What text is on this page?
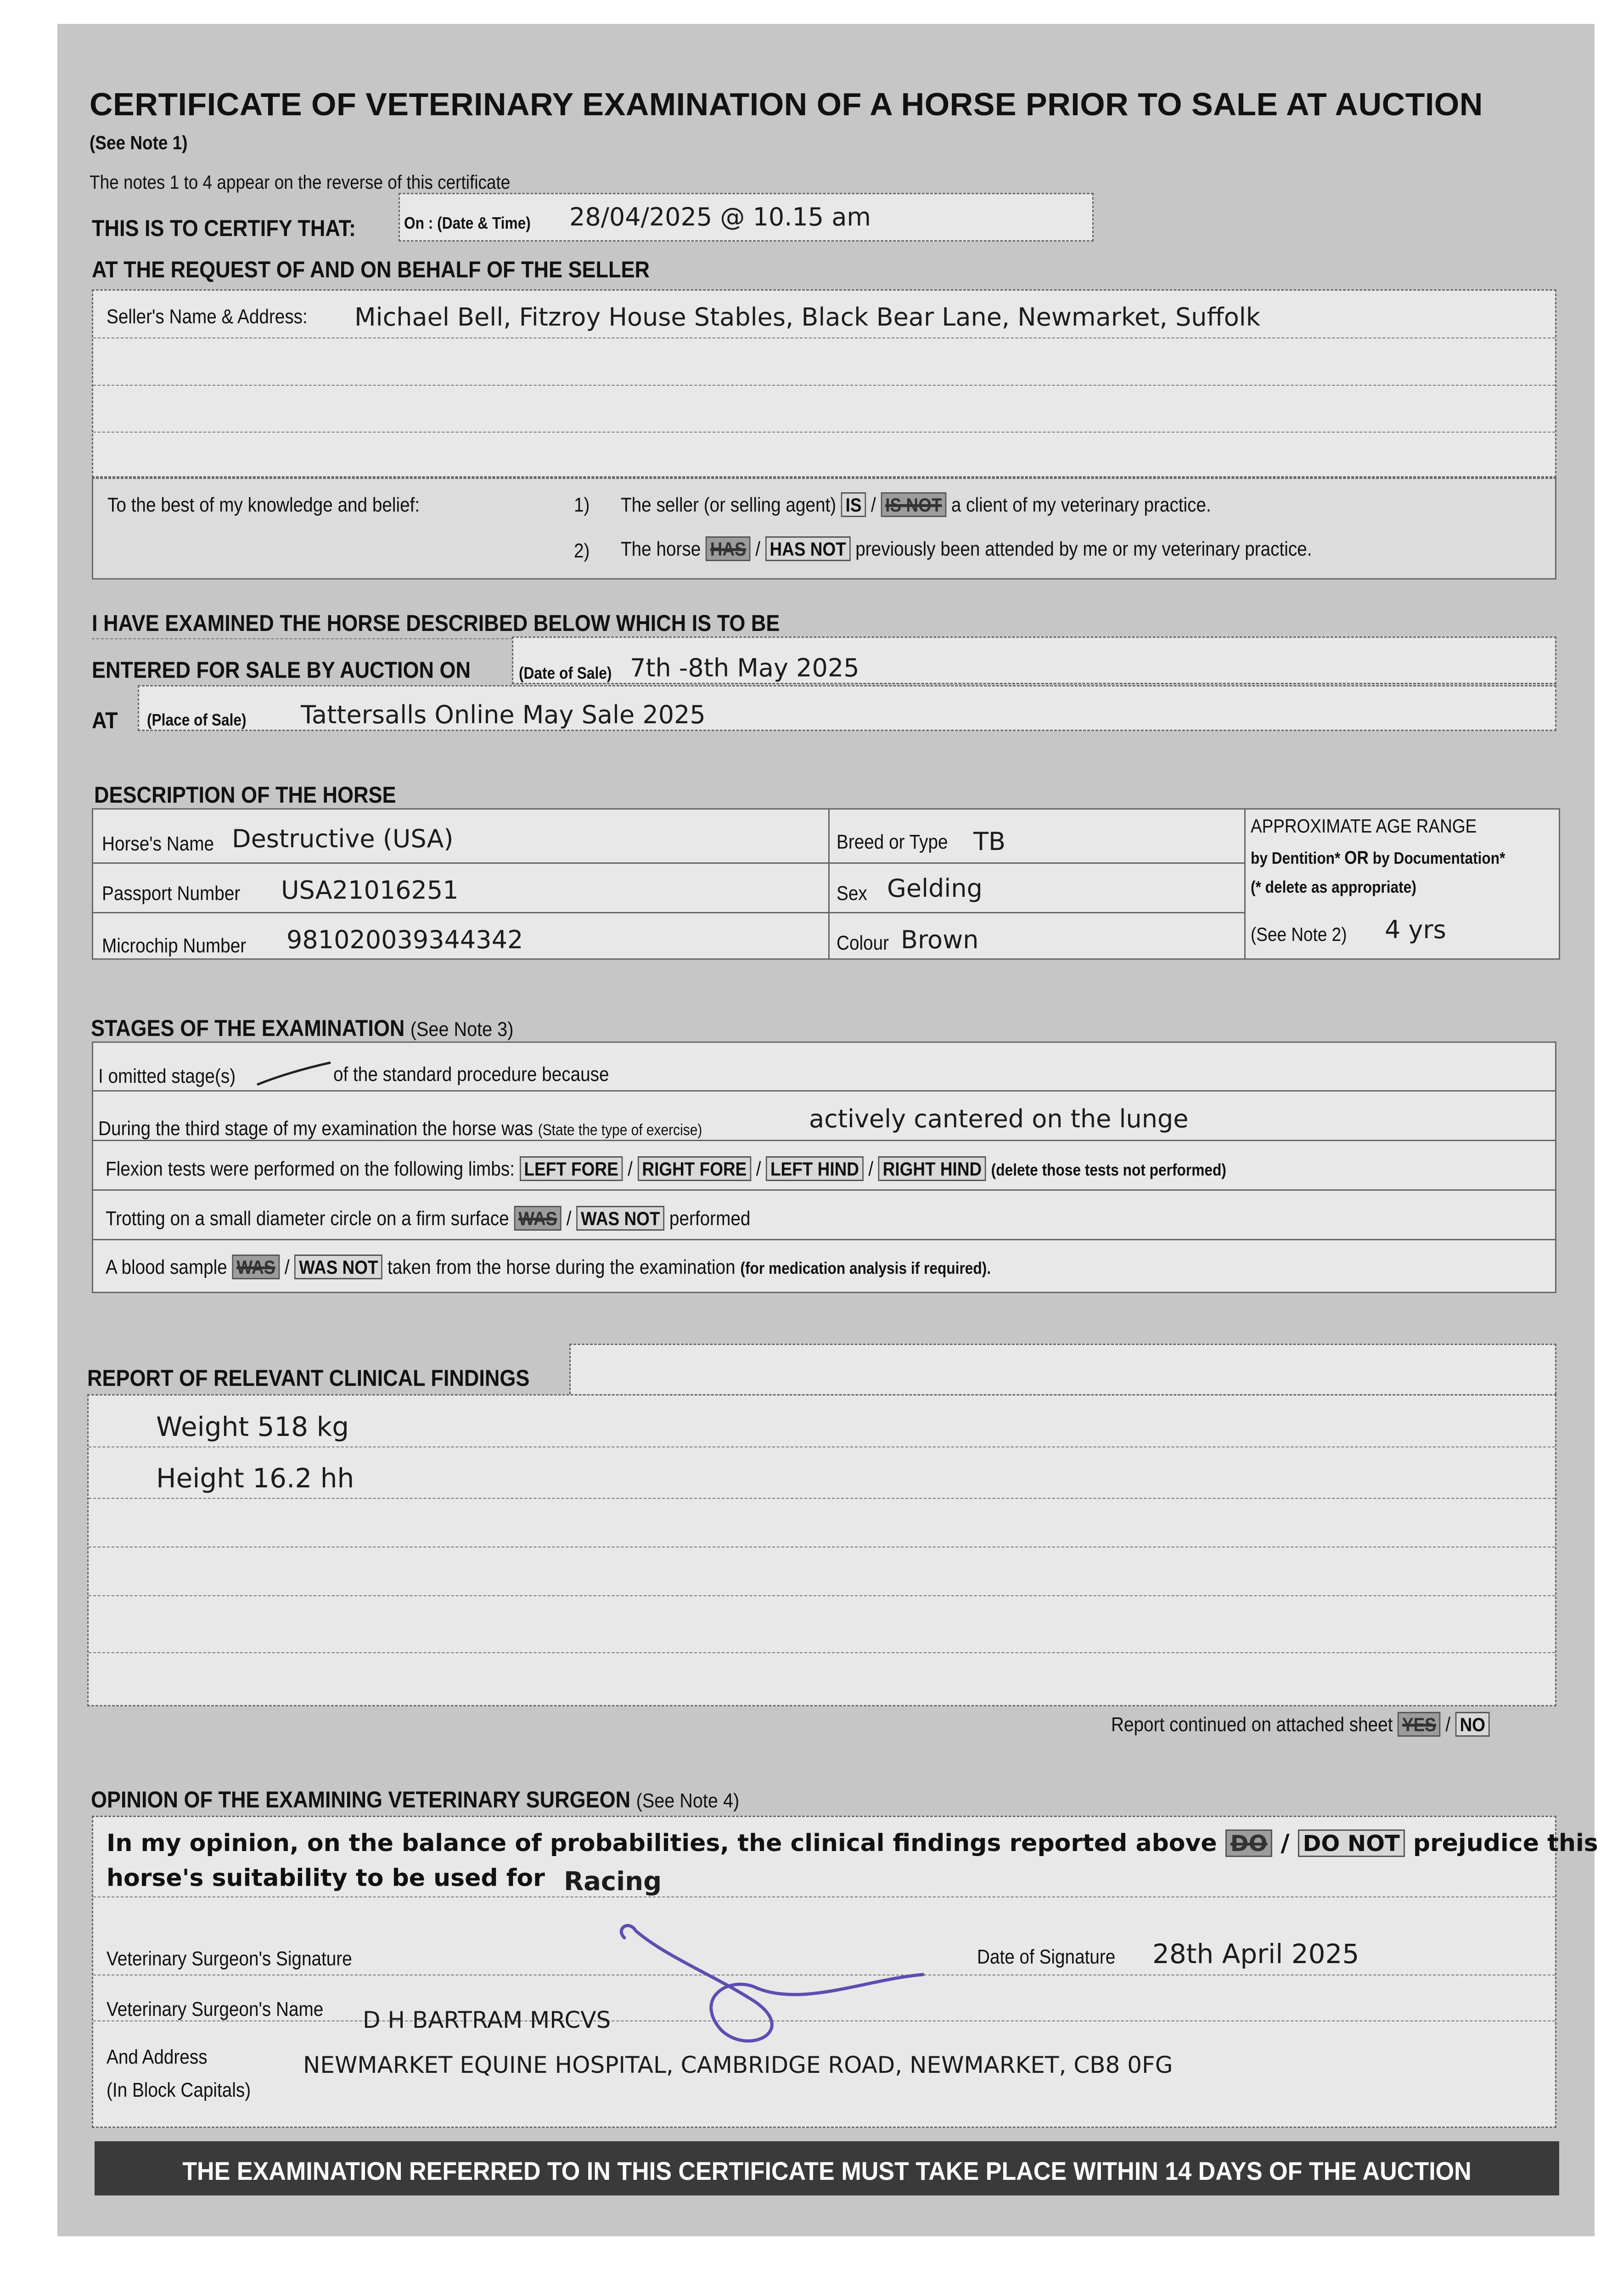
CERTIFICATE OF VETERINARY EXAMINATION OF A HORSE PRIOR TO SALE AT AUCTION
(See Note 1)
The notes 1 to 4 appear on the reverse of this certificate
THIS IS TO CERTIFY THAT:	On : (Date & Time) 28/04/2025 @ 10.15 am
AT THE REQUEST OF AND ON BEHALF OF THE SELLER
Seller's Name & Address: Michael Bell, Fitzroy House Stables, Black Bear Lane, Newmarket, Suffolk
To the best of my knowledge and belief:	1) The seller (or selling agent) IS / IS NOT a client of my veterinary practice.
2) The horse HAS / HAS NOT previously been attended by me or my veterinary practice.
I HAVE EXAMINED THE HORSE DESCRIBED BELOW WHICH IS TO BE
ENTERED FOR SALE BY AUCTION ON	(Date of Sale) 7th -8th May 2025
AT (Place of Sale) Tattersalls Online May Sale 2025
DESCRIPTION OF THE HORSE
Horse's Name Destructive (USA)	Breed or Type TB
Passport Number USA21016251	Sex Gelding
Microchip Number 981020039344342	Colour Brown
APPROXIMATE AGE RANGE
by Dentition* OR by Documentation*
(* delete as appropriate)
(See Note 2) 4 yrs
STAGES OF THE EXAMINATION (See Note 3)
I omitted stage(s)	of the standard procedure because
During the third stage of my examination the horse was (State the type of exercise)	actively cantered on the lunge
Flexion tests were performed on the following limbs: LEFT FORE / RIGHT FORE / LEFT HIND / RIGHT HIND (delete those tests not performed)
Trotting on a small diameter circle on a firm surface WAS / WAS NOT performed
A blood sample WAS / WAS NOT taken from the horse during the examination (for medication analysis if required).
REPORT OF RELEVANT CLINICAL FINDINGS
Weight 518 kg
Height 16.2 hh
Report continued on attached sheet YES / NO
OPINION OF THE EXAMINING VETERINARY SURGEON (See Note 4)
In my opinion, on the balance of probabilities, the clinical findings reported above DO / DO NOT prejudice this
horse's suitability to be used for Racing
Veterinary Surgeon's Signature	Date of Signature 28th April 2025
Veterinary Surgeon's Name D H BARTRAM MRCVS
And Address
(In Block Capitals)
NEWMARKET EQUINE HOSPITAL, CAMBRIDGE ROAD, NEWMARKET, CB8 0FG
THE EXAMINATION REFERRED TO IN THIS CERTIFICATE MUST TAKE PLACE WITHIN 14 DAYS OF THE AUCTION
